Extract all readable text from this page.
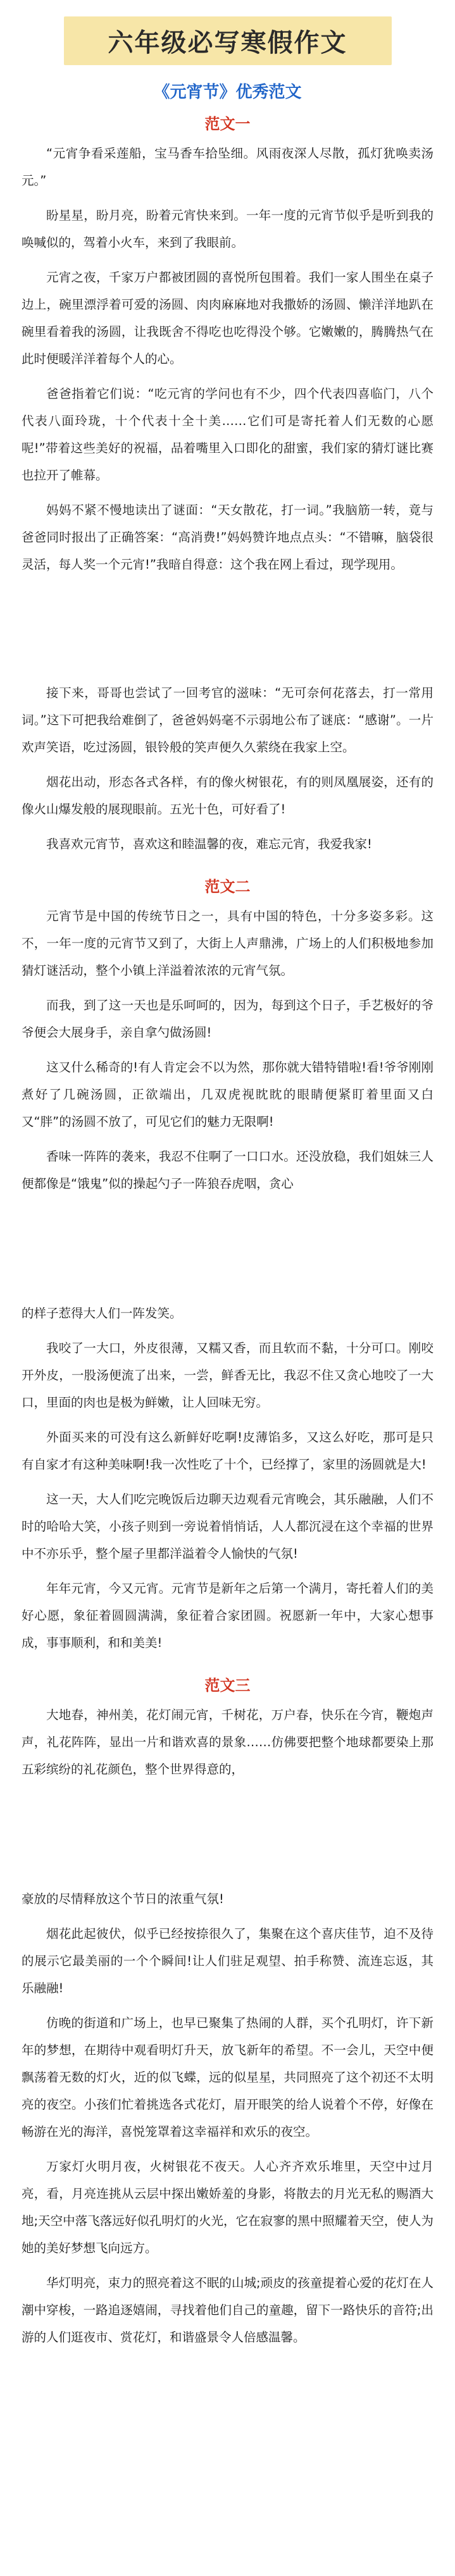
六年级必写寒假作文
《元宵节》优秀范文
范文一

“元宵争看采莲船，宝马香车拾坠细。风雨夜深人尽散，孤灯犹唤卖汤元。”

盼星星，盼月亮，盼着元宵快来到。一年一度的元宵节似乎是听到我的唤喊似的，驾着小火车，来到了我眼前。

元宵之夜，千家万户都被团圆的喜悦所包围着。我们一家人围坐在桌子边上，碗里漂浮着可爱的汤圆、肉肉麻麻地对我撒娇的汤圆、懒洋洋地趴在碗里看着我的汤圆，让我既舍不得吃也吃得没个够。它嫩嫩的，腾腾热气在此时便暖洋洋着每个人的心。

爸爸指着它们说：“吃元宵的学问也有不少，四个代表四喜临门，八个代表八面玲珑，十个代表十全十美……它们可是寄托着人们无数的心愿呢!”带着这些美好的祝福，品着嘴里入口即化的甜蜜，我们家的猜灯谜比赛也拉开了帷幕。

妈妈不紧不慢地读出了谜面：“天女散花，打一词。”我脑筋一转，竟与爸爸同时报出了正确答案：“高消费!”妈妈赞许地点点头：“不错嘛，脑袋很灵活，每人奖一个元宵!”我暗自得意：这个我在网上看过，现学现用。

接下来，哥哥也尝试了一回考官的滋味：“无可奈何花落去，打一常用词。”这下可把我给难倒了，爸爸妈妈毫不示弱地公布了谜底：“感谢”。一片欢声笑语，吃过汤圆，银铃般的笑声便久久萦绕在我家上空。

烟花出动，形态各式各样，有的像火树银花，有的则凤凰展姿，还有的像火山爆发般的展现眼前。五光十色，可好看了!

我喜欢元宵节，喜欢这和睦温馨的夜，难忘元宵，我爱我家!

范文二

元宵节是中国的传统节日之一，具有中国的特色，十分多姿多彩。这不，一年一度的元宵节又到了，大街上人声鼎沸，广场上的人们积极地参加猜灯谜活动，整个小镇上洋溢着浓浓的元宵气氛。

而我，到了这一天也是乐呵呵的，因为，每到这个日子，手艺极好的爷爷便会大展身手，亲自拿勺做汤圆!

这又什么稀奇的!有人肯定会不以为然，那你就大错特错啦!看!爷爷刚刚煮好了几碗汤圆，正欲端出，几双虎视眈眈的眼睛便紧盯着里面又白又“胖”的汤圆不放了，可见它们的魅力无限啊!

香味一阵阵的袭来，我忍不住啊了一口口水。还没放稳，我们姐妹三人便都像是“饿鬼”似的操起勺子一阵狼吞虎咽，贪心

的样子惹得大人们一阵发笑。

我咬了一大口，外皮很薄，又糯又香，而且软而不黏，十分可口。刚咬开外皮，一股汤便流了出来，一尝，鲜香无比，我忍不住又贪心地咬了一大口，里面的肉也是极为鲜嫩，让人回味无穷。

外面买来的可没有这么新鲜好吃啊!皮薄馅多，又这么好吃，那可是只有自家才有这种美味啊!我一次性吃了十个，已经撑了，家里的汤圆就是大!

这一天，大人们吃完晚饭后边聊天边观看元宵晚会，其乐融融，人们不时的哈哈大笑，小孩子则到一旁说着悄悄话，人人都沉浸在这个幸福的世界中不亦乐乎，整个屋子里都洋溢着令人愉快的气氛!

年年元宵，今又元宵。元宵节是新年之后第一个满月，寄托着人们的美好心愿，象征着圆圆满满，象征着合家团圆。祝愿新一年中，大家心想事成，事事顺利，和和美美!

范文三

大地春，神州美，花灯闹元宵，千树花，万户春，快乐在今宵，鞭炮声声，礼花阵阵，显出一片和谐欢喜的景象……仿佛要把整个地球都要染上那五彩缤纷的礼花颜色，整个世界得意的，

豪放的尽情释放这个节日的浓重气氛!

烟花此起彼伏，似乎已经按捺很久了，集聚在这个喜庆佳节，迫不及待的展示它最美丽的一个个瞬间!让人们驻足观望、拍手称赞、流连忘返，其乐融融!

仿晚的街道和广场上，也早已聚集了热闹的人群，买个孔明灯，许下新年的梦想，在期待中观看明灯升天，放飞新年的希望。不一会儿，天空中便飘荡着无数的灯火，近的似飞蝶，远的似星星，共同照亮了这个初还不太明亮的夜空。小孩们忙着挑选各式花灯，眉开眼笑的给人说着个不停，好像在畅游在光的海洋，喜悦笼罩着这幸福祥和欢乐的夜空。

万家灯火明月夜，火树银花不夜天。人心齐齐欢乐堆里，天空中过月亮，看，月亮连挑从云层中探出嫩娇羞的身影，将散去的月光无私的赐酒大地;天空中落飞落远好似孔明灯的火光，它在寂寥的黑中照耀着天空，使人为她的美好梦想飞向远方。

华灯明亮，束力的照亮着这不眠的山城;顽皮的孩童提着心爱的花灯在人潮中穿梭，一路追逐嬉闹，寻找着他们自己的童趣，留下一路快乐的音符;出游的人们逛夜市、赏花灯，和谐盛景令人倍感温馨。
